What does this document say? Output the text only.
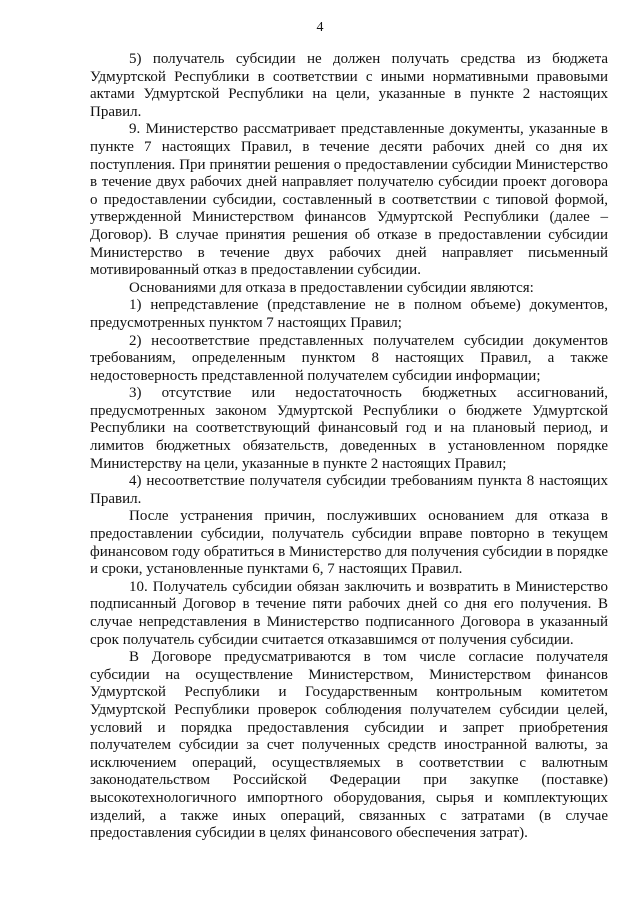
4

5) получатель субсидии не должен получать средства из бюджета Удмуртской Республики в соответствии с иными нормативными правовыми актами Удмуртской Республики на цели, указанные в пункте 2 настоящих Правил.

9. Министерство рассматривает представленные документы, указанные в пункте 7 настоящих Правил, в течение десяти рабочих дней со дня их поступления. При принятии решения о предоставлении субсидии Министерство в течение двух рабочих дней направляет получателю субсидии проект договора о предоставлении субсидии, составленный в соответствии с типовой формой, утвержденной Министерством финансов Удмуртской Республики (далее – Договор). В случае принятия решения об отказе в предоставлении субсидии Министерство в течение двух рабочих дней направляет письменный мотивированный отказ в предоставлении субсидии.

Основаниями для отказа в предоставлении субсидии являются:

1) непредставление (представление не в полном объеме) документов, предусмотренных пунктом 7 настоящих Правил;

2) несоответствие представленных получателем субсидии документов требованиям, определенным пунктом 8 настоящих Правил, а также недостоверность представленной получателем субсидии информации;

3) отсутствие или недостаточность бюджетных ассигнований, предусмотренных законом Удмуртской Республики о бюджете Удмуртской Республики на соответствующий финансовый год и на плановый период, и лимитов бюджетных обязательств, доведенных в установленном порядке Министерству на цели, указанные в пункте 2 настоящих Правил;

4) несоответствие получателя субсидии требованиям пункта 8 настоящих Правил.

После устранения причин, послуживших основанием для отказа в предоставлении субсидии, получатель субсидии вправе повторно в текущем финансовом году обратиться в Министерство для получения субсидии в порядке и сроки, установленные пунктами 6, 7 настоящих Правил.

10. Получатель субсидии обязан заключить и возвратить в Министерство подписанный Договор в течение пяти рабочих дней со дня его получения. В случае непредставления в Министерство подписанного Договора в указанный срок получатель субсидии считается отказавшимся от получения субсидии.

В Договоре предусматриваются в том числе согласие получателя субсидии на осуществление Министерством, Министерством финансов Удмуртской Республики и Государственным контрольным комитетом Удмуртской Республики проверок соблюдения получателем субсидии целей, условий и порядка предоставления субсидии и запрет приобретения получателем субсидии за счет полученных средств иностранной валюты, за исключением операций, осуществляемых в соответствии с валютным законодательством Российской Федерации при закупке (поставке) высокотехнологичного импортного оборудования, сырья и комплектующих изделий, а также иных операций, связанных с затратами (в случае предоставления субсидии в целях финансового обеспечения затрат).
